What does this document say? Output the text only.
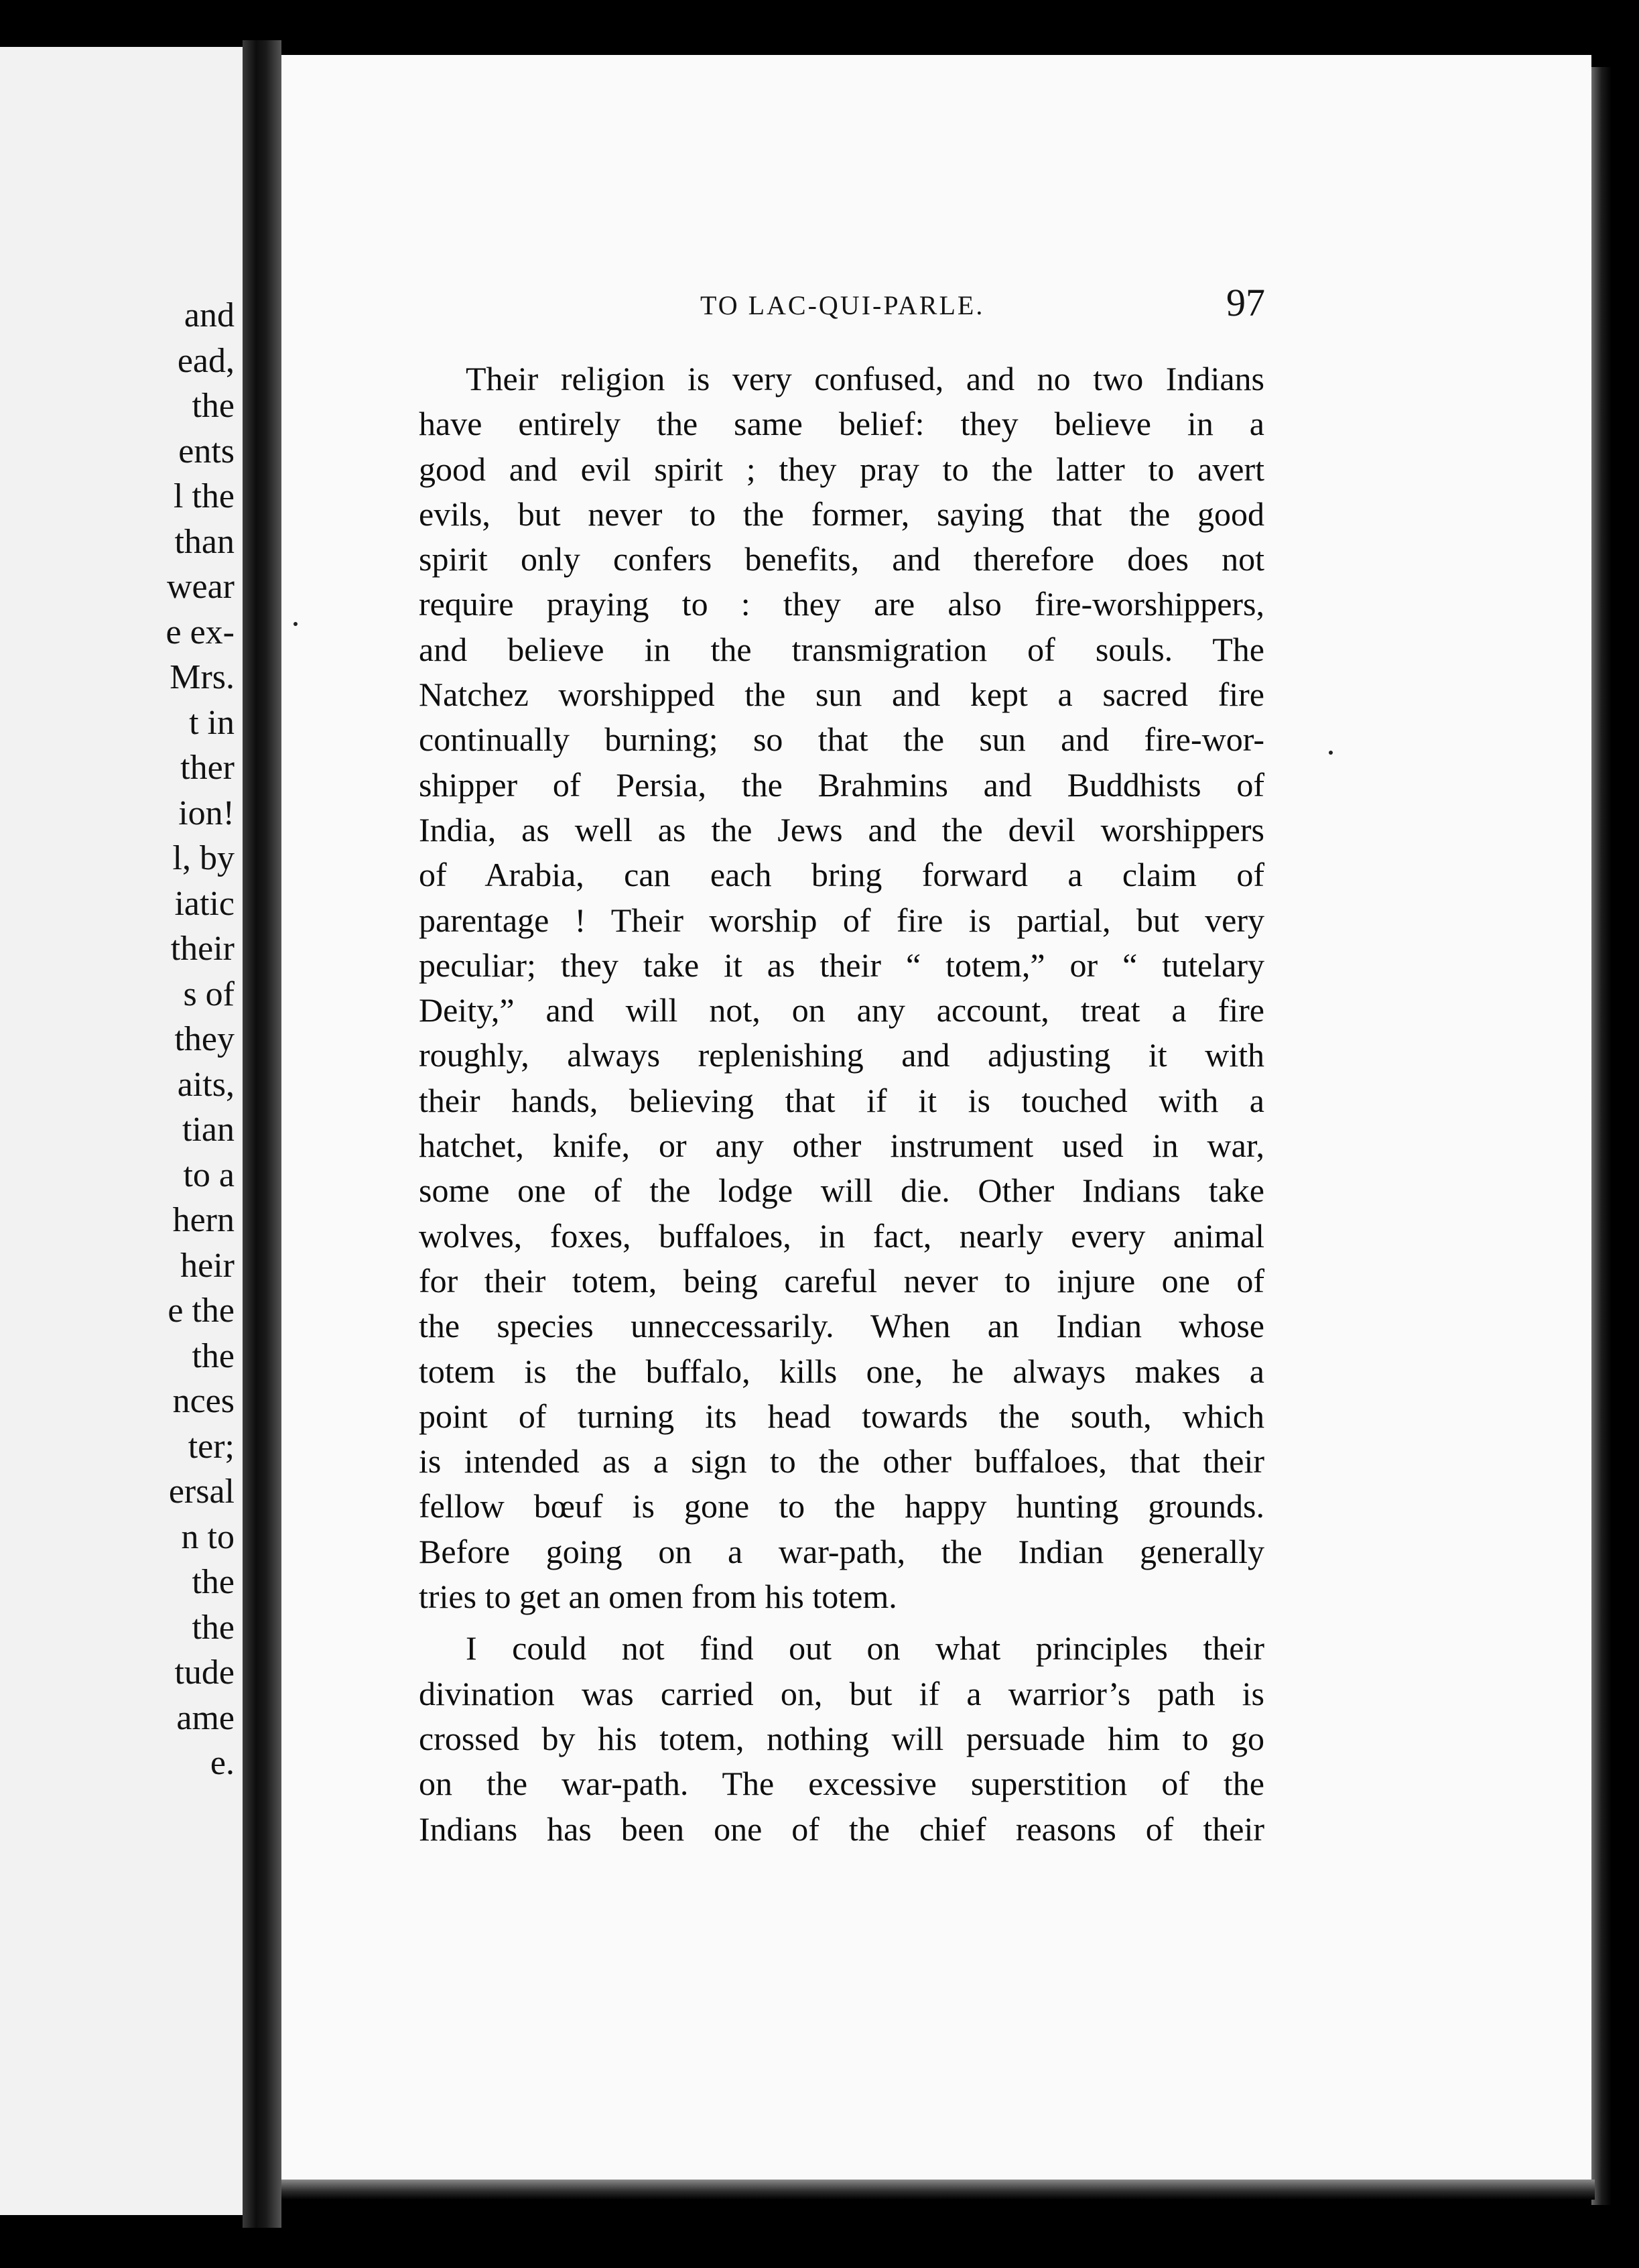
and
ead,
the
ents
l the
than
wear
e ex-
Mrs.
t in
ther
ion!
l, by
iatic
their
s of
they
aits,
tian
to a
hern
heir
e the
the
nces
ter;
ersal
n to
the
the
tude
ame
e.
TO LAC-QUI-PARLE.	97
Their religion is very confused, and no two Indians
have entirely the same belief: they believe in a
good and evil spirit ; they pray to the latter to avert
evils, but never to the former, saying that the good
spirit only confers benefits, and therefore does not
require praying to : they are also fire-worshippers,
and believe in the transmigration of souls. The
Natchez worshipped the sun and kept a sacred fire
continually burning; so that the sun and fire-wor-
shipper of Persia, the Brahmins and Buddhists of
India, as well as the Jews and the devil worshippers
of Arabia, can each bring forward a claim of
parentage ! Their worship of fire is partial, but very
peculiar; they take it as their “ totem,” or “ tutelary
Deity,” and will not, on any account, treat a fire
roughly, always replenishing and adjusting it with
their hands, believing that if it is touched with a
hatchet, knife, or any other instrument used in war,
some one of the lodge will die. Other Indians take
wolves, foxes, buffaloes, in fact, nearly every animal
for their totem, being careful never to injure one of
the species unneccessarily. When an Indian whose
totem is the buffalo, kills one, he always makes a
point of turning its head towards the south, which
is intended as a sign to the other buffaloes, that their
fellow bœuf is gone to the happy hunting grounds.
Before going on a war-path, the Indian generally
tries to get an omen from his totem.
I could not find out on what principles their
divination was carried on, but if a warrior’s path is
crossed by his totem, nothing will persuade him to go
on the war-path. The excessive superstition of the
Indians has been one of the chief reasons of their
